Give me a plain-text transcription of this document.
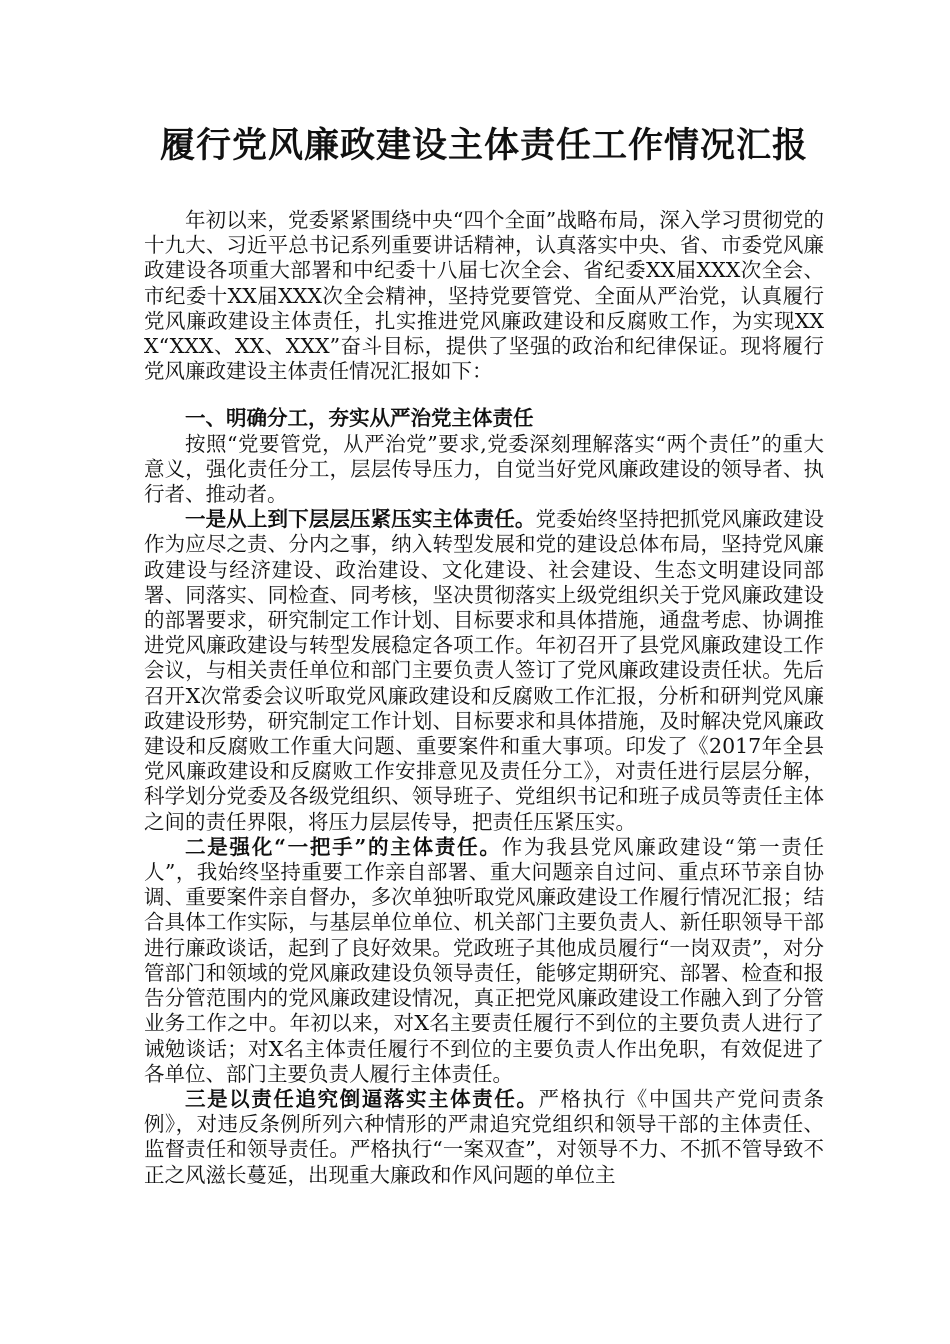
履行党风廉政建设主体责任工作情况汇报

年初以来，党委紧紧围绕中央“四个全面”战略布局，深入学习贯彻党的十九大、习近平总书记系列重要讲话精神，认真落实中央、省、市委党风廉政建设各项重大部署和中纪委十八届七次全会、省纪委XX届XXX次全会、市纪委十XX届XXX次全会精神，坚持党要管党、全面从严治党，认真履行党风廉政建设主体责任，扎实推进党风廉政建设和反腐败工作，为实现XXX“XXX、XX、XXX”奋斗目标，提供了坚强的政治和纪律保证。现将履行党风廉政建设主体责任情况汇报如下：

一、明确分工，夯实从严治党主体责任

按照“党要管党，从严治党”要求,党委深刻理解落实“两个责任”的重大意义，强化责任分工，层层传导压力，自觉当好党风廉政建设的领导者、执行者、推动者。

一是从上到下层层压紧压实主体责任。党委始终坚持把抓党风廉政建设作为应尽之责、分内之事，纳入转型发展和党的建设总体布局，坚持党风廉政建设与经济建设、政治建设、文化建设、社会建设、生态文明建设同部署、同落实、同检查、同考核，坚决贯彻落实上级党组织关于党风廉政建设的部署要求，研究制定工作计划、目标要求和具体措施，通盘考虑、协调推进党风廉政建设与转型发展稳定各项工作。年初召开了县党风廉政建设工作会议，与相关责任单位和部门主要负责人签订了党风廉政建设责任状。先后召开X次常委会议听取党风廉政建设和反腐败工作汇报，分析和研判党风廉政建设形势，研究制定工作计划、目标要求和具体措施，及时解决党风廉政建设和反腐败工作重大问题、重要案件和重大事项。印发了《2017年全县党风廉政建设和反腐败工作安排意见及责任分工》，对责任进行层层分解，科学划分党委及各级党组织、领导班子、党组织书记和班子成员等责任主体之间的责任界限，将压力层层传导，把责任压紧压实。

二是强化“一把手”的主体责任。作为我县党风廉政建设“第一责任人”，我始终坚持重要工作亲自部署、重大问题亲自过问、重点环节亲自协调、重要案件亲自督办，多次单独听取党风廉政建设工作履行情况汇报；结合具体工作实际，与基层单位单位、机关部门主要负责人、新任职领导干部进行廉政谈话，起到了良好效果。党政班子其他成员履行“一岗双责”，对分管部门和领域的党风廉政建设负领导责任，能够定期研究、部署、检查和报告分管范围内的党风廉政建设情况，真正把党风廉政建设工作融入到了分管业务工作之中。年初以来，对X名主要责任履行不到位的主要负责人进行了诫勉谈话；对X名主体责任履行不到位的主要负责人作出免职，有效促进了各单位、部门主要负责人履行主体责任。

三是以责任追究倒逼落实主体责任。严格执行《中国共产党问责条例》，对违反条例所列六种情形的严肃追究党组织和领导干部的主体责任、监督责任和领导责任。严格执行“一案双查”，对领导不力、不抓不管导致不正之风滋长蔓延，出现重大廉政和作风问题的单位主
